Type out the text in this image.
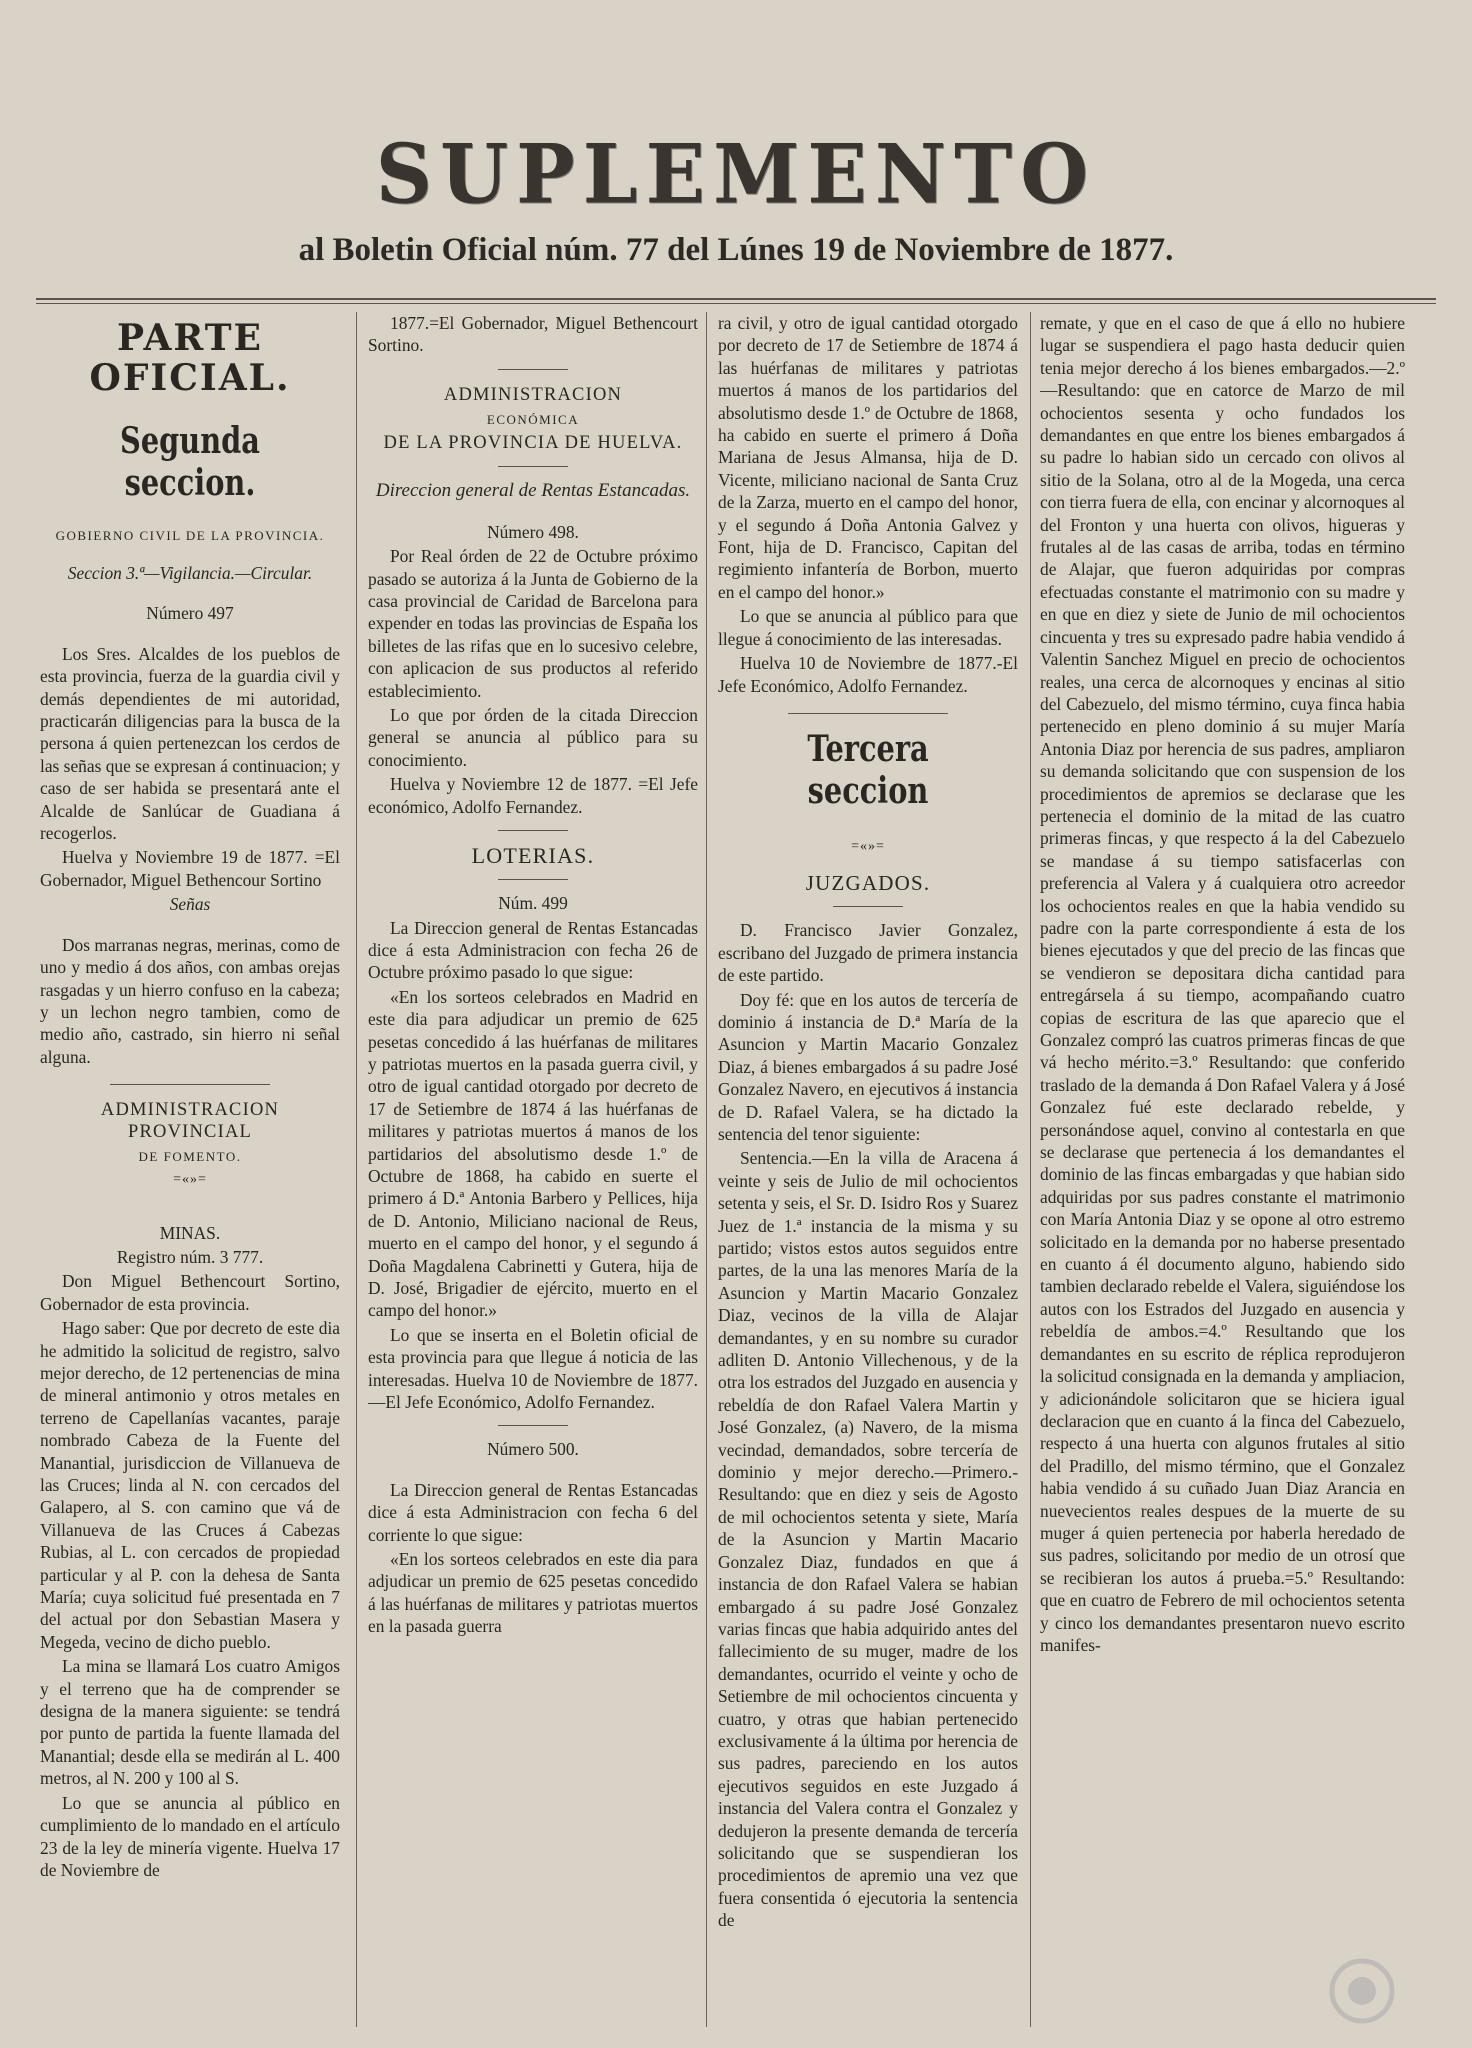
SUPLEMENTO
al Boletin Oficial núm. 77 del Lúnes 19 de Noviembre de 1877.
PARTE OFICIAL.
Segunda seccion.
GOBIERNO CIVIL DE LA PROVINCIA.

Seccion 3.ª—Vigilancia.—Circular.

Número 497

Los Sres. Alcaldes de los pueblos de esta provincia, fuerza de la guardia civil y demás dependientes de mi autoridad, practicarán diligencias para la busca de la persona á quien pertenezcan los cerdos de las señas que se expresan á continuacion; y caso de ser habida se presentará ante el Alcalde de Sanlúcar de Guadiana á recogerlos.

Huelva y Noviembre 19 de 1877. =El Gobernador, Miguel Bethencour Sortino

Señas

Dos marranas negras, merinas, como de uno y medio á dos años, con ambas orejas rasgadas y un hierro confuso en la cabeza; y un lechon negro tambien, como de medio año, castrado, sin hierro ni señal alguna.

ADMINISTRACION PROVINCIAL
DE FOMENTO.
=«»=

MINAS.

Registro núm. 3 777.

Don Miguel Bethencourt Sortino, Gobernador de esta provincia.

Hago saber: Que por decreto de este dia he admitido la solicitud de registro, salvo mejor derecho, de 12 pertenencias de mina de mineral antimonio y otros metales en terreno de Capellanías vacantes, paraje nombrado Cabeza de la Fuente del Manantial, jurisdiccion de Villanueva de las Cruces; linda al N. con cercados del Galapero, al S. con camino que vá de Villanueva de las Cruces á Cabezas Rubias, al L. con cercados de propiedad particular y al P. con la dehesa de Santa María; cuya solicitud fué presentada en 7 del actual por don Sebastian Masera y Megeda, vecino de dicho pueblo.

La mina se llamará Los cuatro Amigos y el terreno que ha de comprender se designa de la manera siguiente: se tendrá por punto de partida la fuente llamada del Manantial; desde ella se medirán al L. 400 metros, al N. 200 y 100 al S.

Lo que se anuncia al público en cumplimiento de lo mandado en el artículo 23 de la ley de minería vigente. Huelva 17 de Noviembre de

1877.=El Gobernador, Miguel Bethencourt Sortino.

ADMINISTRACION
ECONÓMICA
DE LA PROVINCIA DE HUELVA.

Direccion general de Rentas Estancadas.

Número 498.

Por Real órden de 22 de Octubre próximo pasado se autoriza á la Junta de Gobierno de la casa provincial de Caridad de Barcelona para expender en todas las provincias de España los billetes de las rifas que en lo sucesivo celebre, con aplicacion de sus productos al referido establecimiento.

Lo que por órden de la citada Direccion general se anuncia al público para su conocimiento.

Huelva y Noviembre 12 de 1877. =El Jefe económico, Adolfo Fernandez.

LOTERIAS.

Núm. 499

La Direccion general de Rentas Estancadas dice á esta Administracion con fecha 26 de Octubre próximo pasado lo que sigue:

«En los sorteos celebrados en Madrid en este dia para adjudicar un premio de 625 pesetas concedido á las huérfanas de militares y patriotas muertos en la pasada guerra civil, y otro de igual cantidad otorgado por decreto de 17 de Setiembre de 1874 á las huérfanas de militares y patriotas muertos á manos de los partidarios del absolutismo desde 1.º de Octubre de 1868, ha cabido en suerte el primero á D.ª Antonia Barbero y Pellices, hija de D. Antonio, Miliciano nacional de Reus, muerto en el campo del honor, y el segundo á Doña Magdalena Cabrinetti y Gutera, hija de D. José, Brigadier de ejército, muerto en el campo del honor.»

Lo que se inserta en el Boletin oficial de esta provincia para que llegue á noticia de las interesadas. Huelva 10 de Noviembre de 1877. —El Jefe Económico, Adolfo Fernandez.

Número 500.

La Direccion general de Rentas Estancadas dice á esta Administracion con fecha 6 del corriente lo que sigue:

«En los sorteos celebrados en este dia para adjudicar un premio de 625 pesetas concedido á las huérfanas de militares y patriotas muertos en la pasada guerra

ra civil, y otro de igual cantidad otorgado por decreto de 17 de Setiembre de 1874 á las huérfanas de militares y patriotas muertos á manos de los partidarios del absolutismo desde 1.º de Octubre de 1868, ha cabido en suerte el primero á Doña Mariana de Jesus Almansa, hija de D. Vicente, miliciano nacional de Santa Cruz de la Zarza, muerto en el campo del honor, y el segundo á Doña Antonia Galvez y Font, hija de D. Francisco, Capitan del regimiento infantería de Borbon, muerto en el campo del honor.»

Lo que se anuncia al público para que llegue á conocimiento de las interesadas.

Huelva 10 de Noviembre de 1877.-El Jefe Económico, Adolfo Fernandez.

Tercera seccion
=«»=
JUZGADOS.

D. Francisco Javier Gonzalez, escribano del Juzgado de primera instancia de este partido.

Doy fé: que en los autos de tercería de dominio á instancia de D.ª María de la Asuncion y Martin Macario Gonzalez Diaz, á bienes embargados á su padre José Gonzalez Navero, en ejecutivos á instancia de D. Rafael Valera, se ha dictado la sentencia del tenor siguiente:

Sentencia.—En la villa de Aracena á veinte y seis de Julio de mil ochocientos setenta y seis, el Sr. D. Isidro Ros y Suarez Juez de 1.ª instancia de la misma y su partido; vistos estos autos seguidos entre partes, de la una las menores María de la Asuncion y Martin Macario Gonzalez Diaz, vecinos de la villa de Alajar demandantes, y en su nombre su curador adliten D. Antonio Villechenous, y de la otra los estrados del Juzgado en ausencia y rebeldía de don Rafael Valera Martin y José Gonzalez, (a) Navero, de la misma vecindad, demandados, sobre tercería de dominio y mejor derecho.—Primero.-Resultando: que en diez y seis de Agosto de mil ochocientos setenta y siete, María de la Asuncion y Martin Macario Gonzalez Diaz, fundados en que á instancia de don Rafael Valera se habian embargado á su padre José Gonzalez varias fincas que habia adquirido antes del fallecimiento de su muger, madre de los demandantes, ocurrido el veinte y ocho de Setiembre de mil ochocientos cincuenta y cuatro, y otras que habian pertenecido exclusivamente á la última por herencia de sus padres, pareciendo en los autos ejecutivos seguidos en este Juzgado á instancia del Valera contra el Gonzalez y dedujeron la presente demanda de tercería solicitando que se suspendieran los procedimientos de apremio una vez que fuera consentida ó ejecutoria la sentencia de

remate, y que en el caso de que á ello no hubiere lugar se suspendiera el pago hasta deducir quien tenia mejor derecho á los bienes embargados.—2.º—Resultando: que en catorce de Marzo de mil ochocientos sesenta y ocho fundados los demandantes en que entre los bienes embargados á su padre lo habian sido un cercado con olivos al sitio de la Solana, otro al de la Mogeda, una cerca con tierra fuera de ella, con encinar y alcornoques al del Fronton y una huerta con olivos, higueras y frutales al de las casas de arriba, todas en término de Alajar, que fueron adquiridas por compras efectuadas constante el matrimonio con su madre y en que en diez y siete de Junio de mil ochocientos cincuenta y tres su expresado padre habia vendido á Valentin Sanchez Miguel en precio de ochocientos reales, una cerca de alcornoques y encinas al sitio del Cabezuelo, del mismo término, cuya finca habia pertenecido en pleno dominio á su mujer María Antonia Diaz por herencia de sus padres, ampliaron su demanda solicitando que con suspension de los procedimientos de apremios se declarase que les pertenecia el dominio de la mitad de las cuatro primeras fincas, y que respecto á la del Cabezuelo se mandase á su tiempo satisfacerlas con preferencia al Valera y á cualquiera otro acreedor los ochocientos reales en que la habia vendido su padre con la parte correspondiente á esta de los bienes ejecutados y que del precio de las fincas que se vendieron se depositara dicha cantidad para entregársela á su tiempo, acompañando cuatro copias de escritura de las que aparecio que el Gonzalez compró las cuatros primeras fincas de que vá hecho mérito.=3.º Resultando: que conferido traslado de la demanda á Don Rafael Valera y á José Gonzalez fué este declarado rebelde, y personándose aquel, convino al contestarla en que se declarase que pertenecia á los demandantes el dominio de las fincas embargadas y que habian sido adquiridas por sus padres constante el matrimonio con María Antonia Diaz y se opone al otro estremo solicitado en la demanda por no haberse presentado en cuanto á él documento alguno, habiendo sido tambien declarado rebelde el Valera, siguiéndose los autos con los Estrados del Juzgado en ausencia y rebeldía de ambos.=4.º Resultando que los demandantes en su escrito de réplica reprodujeron la solicitud consignada en la demanda y ampliacion, y adicionándole solicitaron que se hiciera igual declaracion que en cuanto á la finca del Cabezuelo, respecto á una huerta con algunos frutales al sitio del Pradillo, del mismo término, que el Gonzalez habia vendido á su cuñado Juan Diaz Arancia en nuevecientos reales despues de la muerte de su muger á quien pertenecia por haberla heredado de sus padres, solicitando por medio de un otrosí que se recibieran los autos á prueba.=5.º Resultando: que en cuatro de Febrero de mil ochocientos setenta y cinco los demandantes presentaron nuevo escrito manifes-
